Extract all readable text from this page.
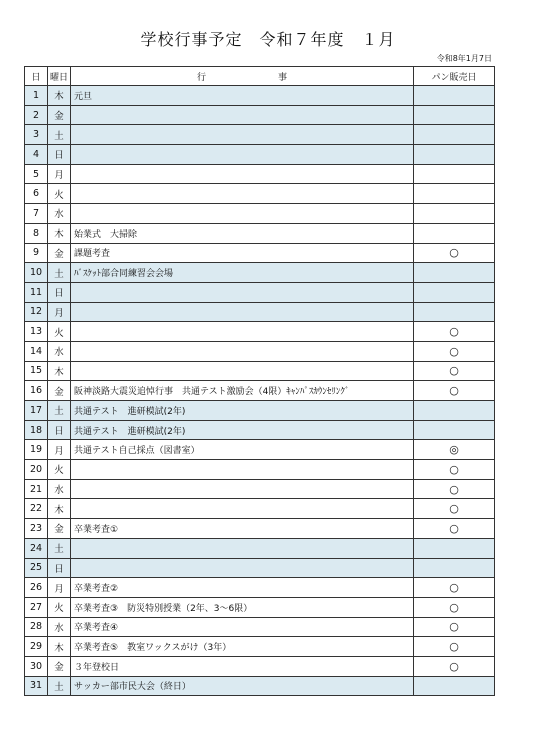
学校行事予定　令和７年度　１月
令和8年1月7日
日	曜日	行　　　　　　　　事	パン販売日
1	木	元旦	
2	金		
3	土		
4	日		
5	月		
6	火		
7	水		
8	木	始業式　大掃除	
9	金	課題考査	○
10	土	ﾊﾞｽｹｯﾄ部合同練習会会場	
11	日		
12	月		
13	火		○
14	水		○
15	木		○
16	金	阪神淡路大震災追悼行事　共通テスト激励会（4限）ｷｬﾝﾊﾟｽｶｳﾝｾﾘﾝｸﾞ	○
17	土	共通テスト　進研模試(2年)	
18	日	共通テスト　進研模試(2年)	
19	月	共通テスト自己採点（図書室）	◎
20	火		○
21	水		○
22	木		○
23	金	卒業考査①	○
24	土		
25	日		
26	月	卒業考査②	○
27	火	卒業考査③　防災特別授業（2年、3～6限）	○
28	水	卒業考査④	○
29	木	卒業考査⑤　教室ワックスがけ（3年）	○
30	金	３年登校日	○
31	土	サッカー部市民大会（終日）	
